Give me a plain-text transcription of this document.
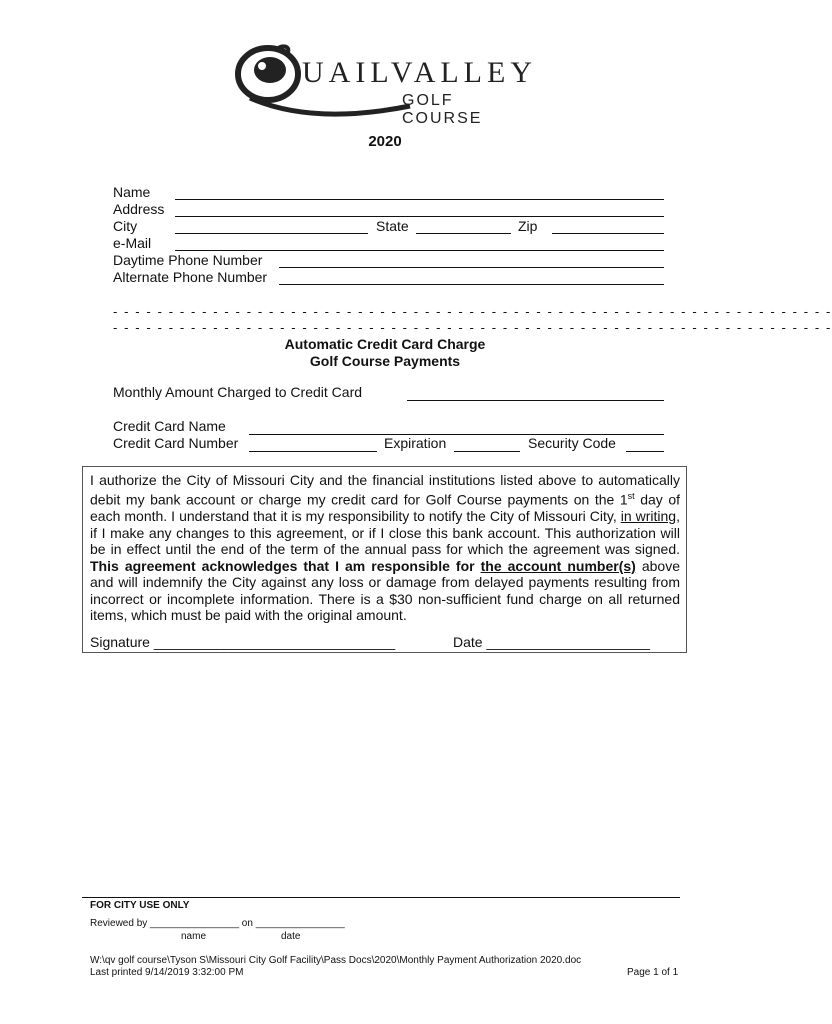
UAILVALLEY
GOLF COURSE
2020
Name
Address
City	State	Zip
e-Mail
Daytime Phone Number
Alternate Phone Number
- - - - - - - - - - - - - - - - - - - - - - - - - - - - - - - - - - - - - - - - - - - - - - - - - - - - - - - - - - - - - - - - -
- - - - - - - - - - - - - - - - - - - - - - - - - - - - - - - - - - - - - - - - - - - - - - - - - - - - - - - - - - - - - - - - -
Automatic Credit Card Charge
Golf Course Payments
Monthly Amount Charged to Credit Card
Credit Card Name
Credit Card Number	Expiration	Security Code
I authorize the City of Missouri City and the financial institutions listed above to automatically debit my bank account or charge my credit card for Golf Course payments on the 1st day of each month. I understand that it is my responsibility to notify the City of Missouri City, in writing, if I make any changes to this agreement, or if I close this bank account. This authorization will be in effect until the end of the term of the annual pass for which the agreement was signed. This agreement acknowledges that I am responsible for the account number(s) above and will indemnify the City against any loss or damage from delayed payments resulting from incorrect or incomplete information. There is a $30 non-sufficient fund charge on all returned items, which must be paid with the original amount.
Signature _______________________________	Date _____________________
FOR CITY USE ONLY
Reviewed by ________________ on ________________
name	date
W:\qv golf course\Tyson S\Missouri City Golf Facility\Pass Docs\2020\Monthly Payment Authorization 2020.doc
Last printed 9/14/2019 3:32:00 PM	Page 1 of 1
